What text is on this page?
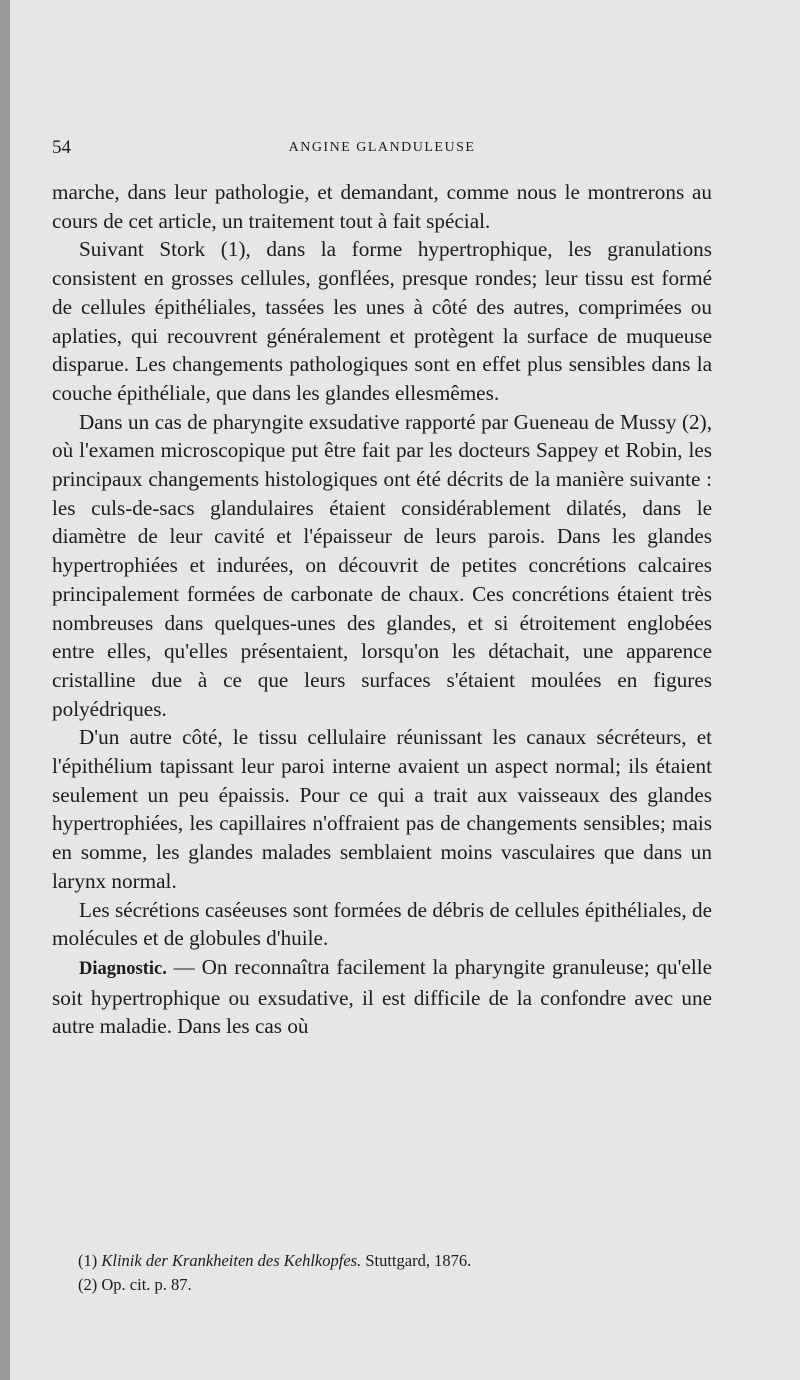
54	ANGINE GLANDULEUSE

marche, dans leur pathologie, et demandant, comme nous le montrerons au cours de cet article, un traitement tout à fait spécial.

Suivant Stork (1), dans la forme hypertrophique, les granulations consistent en grosses cellules, gonflées, presque rondes; leur tissu est formé de cellules épithéliales, tassées les unes à côté des autres, comprimées ou aplaties, qui recouvrent généralement et protègent la surface de muqueuse disparue. Les changements pathologiques sont en effet plus sensibles dans la couche épithéliale, que dans les glandes ellesmêmes.

Dans un cas de pharyngite exsudative rapporté par Gueneau de Mussy (2), où l'examen microscopique put être fait par les docteurs Sappey et Robin, les principaux changements histologiques ont été décrits de la manière suivante : les culs-de-sacs glandulaires étaient considérablement dilatés, dans le diamètre de leur cavité et l'épaisseur de leurs parois. Dans les glandes hypertrophiées et indurées, on découvrit de petites concrétions calcaires principalement formées de carbonate de chaux. Ces concrétions étaient très nombreuses dans quelques-unes des glandes, et si étroitement englobées entre elles, qu'elles présentaient, lorsqu'on les détachait, une apparence cristalline due à ce que leurs surfaces s'étaient moulées en figures polyédriques.

D'un autre côté, le tissu cellulaire réunissant les canaux sécréteurs, et l'épithélium tapissant leur paroi interne avaient un aspect normal; ils étaient seulement un peu épaissis. Pour ce qui a trait aux vaisseaux des glandes hypertrophiées, les capillaires n'offraient pas de changements sensibles; mais en somme, les glandes malades semblaient moins vasculaires que dans un larynx normal.

Les sécrétions caséeuses sont formées de débris de cellules épithéliales, de molécules et de globules d'huile.

Diagnostic. — On reconnaîtra facilement la pharyngite granuleuse; qu'elle soit hypertrophique ou exsudative, il est difficile de la confondre avec une autre maladie. Dans les cas où

(1) Klinik der Krankheiten des Kehlkopfes. Stuttgard, 1876.
(2) Op. cit. p. 87.
